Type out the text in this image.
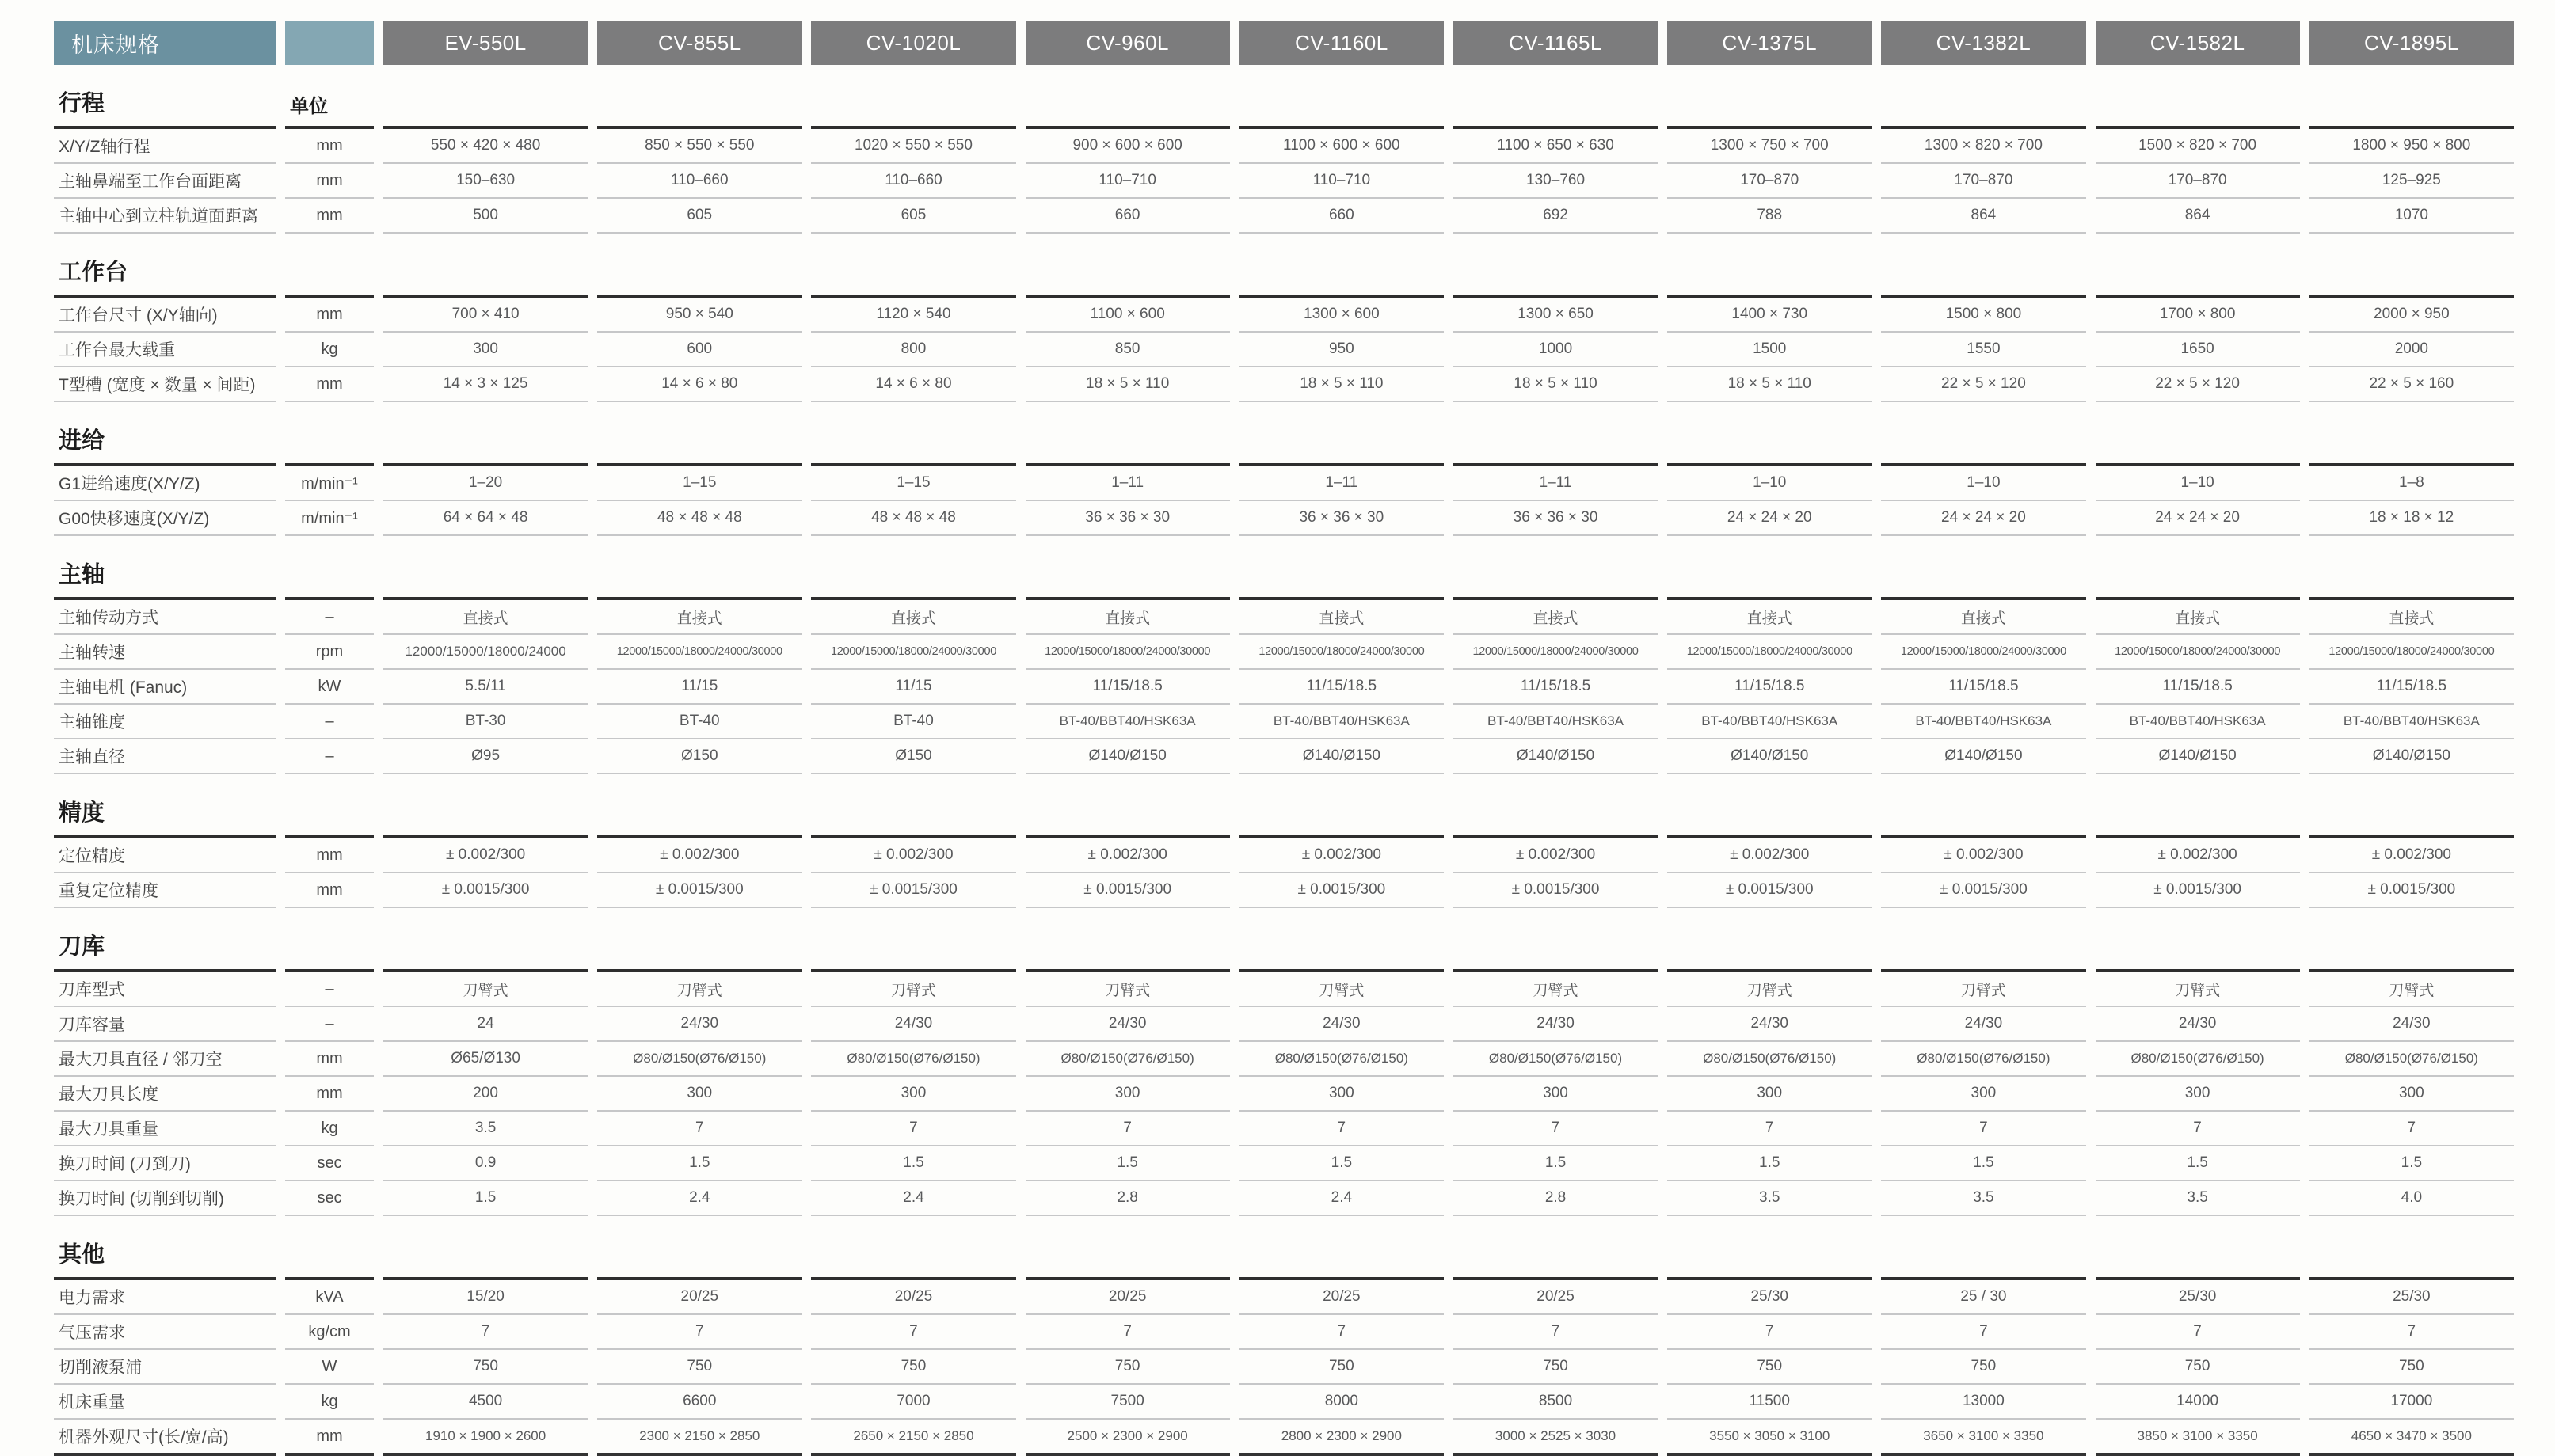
机床规格		EV-550L	CV-855L	CV-1020L	CV-960L	CV-1160L	CV-1165L	CV-1375L	CV-1382L	CV-1582L	CV-1895L
行程	单位										
X/Y/Z轴行程	mm	550 × 420 × 480	850 × 550 × 550	1020 × 550 × 550	900 × 600 × 600	1100 × 600 × 600	1100 × 650 × 630	1300 × 750 × 700	1300 × 820 × 700	1500 × 820 × 700	1800 × 950 × 800
主轴鼻端至工作台面距离	mm	150–630	110–660	110–660	110–710	110–710	130–760	170–870	170–870	170–870	125–925
主轴中心到立柱轨道面距离	mm	500	605	605	660	660	692	788	864	864	1070
工作台											
工作台尺寸 (X/Y轴向)	mm	700 × 410	950 × 540	1120 × 540	1100 × 600	1300 × 600	1300 × 650	1400 × 730	1500 × 800	1700 × 800	2000 × 950
工作台最大载重	kg	300	600	800	850	950	1000	1500	1550	1650	2000
T型槽 (宽度 × 数量 × 间距)	mm	14 × 3 × 125	14 × 6 × 80	14 × 6 × 80	18 × 5 × 110	18 × 5 × 110	18 × 5 × 110	18 × 5 × 110	22 × 5 × 120	22 × 5 × 120	22 × 5 × 160
进给											
G1进给速度(X/Y/Z)	m/min⁻¹	1–20	1–15	1–15	1–11	1–11	1–11	1–10	1–10	1–10	1–8
G00快移速度(X/Y/Z)	m/min⁻¹	64 × 64 × 48	48 × 48 × 48	48 × 48 × 48	36 × 36 × 30	36 × 36 × 30	36 × 36 × 30	24 × 24 × 20	24 × 24 × 20	24 × 24 × 20	18 × 18 × 12
主轴											
主轴传动方式	–	直接式	直接式	直接式	直接式	直接式	直接式	直接式	直接式	直接式	直接式
主轴转速	rpm	12000/15000/18000/24000	12000/15000/18000/24000/30000	12000/15000/18000/24000/30000	12000/15000/18000/24000/30000	12000/15000/18000/24000/30000	12000/15000/18000/24000/30000	12000/15000/18000/24000/30000	12000/15000/18000/24000/30000	12000/15000/18000/24000/30000	12000/15000/18000/24000/30000
主轴电机 (Fanuc)	kW	5.5/11	11/15	11/15	11/15/18.5	11/15/18.5	11/15/18.5	11/15/18.5	11/15/18.5	11/15/18.5	11/15/18.5
主轴锥度	–	BT-30	BT-40	BT-40	BT-40/BBT40/HSK63A	BT-40/BBT40/HSK63A	BT-40/BBT40/HSK63A	BT-40/BBT40/HSK63A	BT-40/BBT40/HSK63A	BT-40/BBT40/HSK63A	BT-40/BBT40/HSK63A
主轴直径	–	Ø95	Ø150	Ø150	Ø140/Ø150	Ø140/Ø150	Ø140/Ø150	Ø140/Ø150	Ø140/Ø150	Ø140/Ø150	Ø140/Ø150
精度											
定位精度	mm	± 0.002/300	± 0.002/300	± 0.002/300	± 0.002/300	± 0.002/300	± 0.002/300	± 0.002/300	± 0.002/300	± 0.002/300	± 0.002/300
重复定位精度	mm	± 0.0015/300	± 0.0015/300	± 0.0015/300	± 0.0015/300	± 0.0015/300	± 0.0015/300	± 0.0015/300	± 0.0015/300	± 0.0015/300	± 0.0015/300
刀库											
刀库型式	–	刀臂式	刀臂式	刀臂式	刀臂式	刀臂式	刀臂式	刀臂式	刀臂式	刀臂式	刀臂式
刀库容量	–	24	24/30	24/30	24/30	24/30	24/30	24/30	24/30	24/30	24/30
最大刀具直径 / 邻刀空	mm	Ø65/Ø130	Ø80/Ø150(Ø76/Ø150)	Ø80/Ø150(Ø76/Ø150)	Ø80/Ø150(Ø76/Ø150)	Ø80/Ø150(Ø76/Ø150)	Ø80/Ø150(Ø76/Ø150)	Ø80/Ø150(Ø76/Ø150)	Ø80/Ø150(Ø76/Ø150)	Ø80/Ø150(Ø76/Ø150)	Ø80/Ø150(Ø76/Ø150)
最大刀具长度	mm	200	300	300	300	300	300	300	300	300	300
最大刀具重量	kg	3.5	7	7	7	7	7	7	7	7	7
换刀时间 (刀到刀)	sec	0.9	1.5	1.5	1.5	1.5	1.5	1.5	1.5	1.5	1.5
换刀时间 (切削到切削)	sec	1.5	2.4	2.4	2.8	2.4	2.8	3.5	3.5	3.5	4.0
其他											
电力需求	kVA	15/20	20/25	20/25	20/25	20/25	20/25	25/30	25 / 30	25/30	25/30
气压需求	kg/cm	7	7	7	7	7	7	7	7	7	7
切削液泵浦	W	750	750	750	750	750	750	750	750	750	750
机床重量	kg	4500	6600	7000	7500	8000	8500	11500	13000	14000	17000
机器外观尺寸(长/宽/高)	mm	1910 × 1900 × 2600	2300 × 2150 × 2850	2650 × 2150 × 2850	2500 × 2300 × 2900	2800 × 2300 × 2900	3000 × 2525 × 3030	3550 × 3050 × 3100	3650 × 3100 × 3350	3850 × 3100 × 3350	4650 × 3470 × 3500
